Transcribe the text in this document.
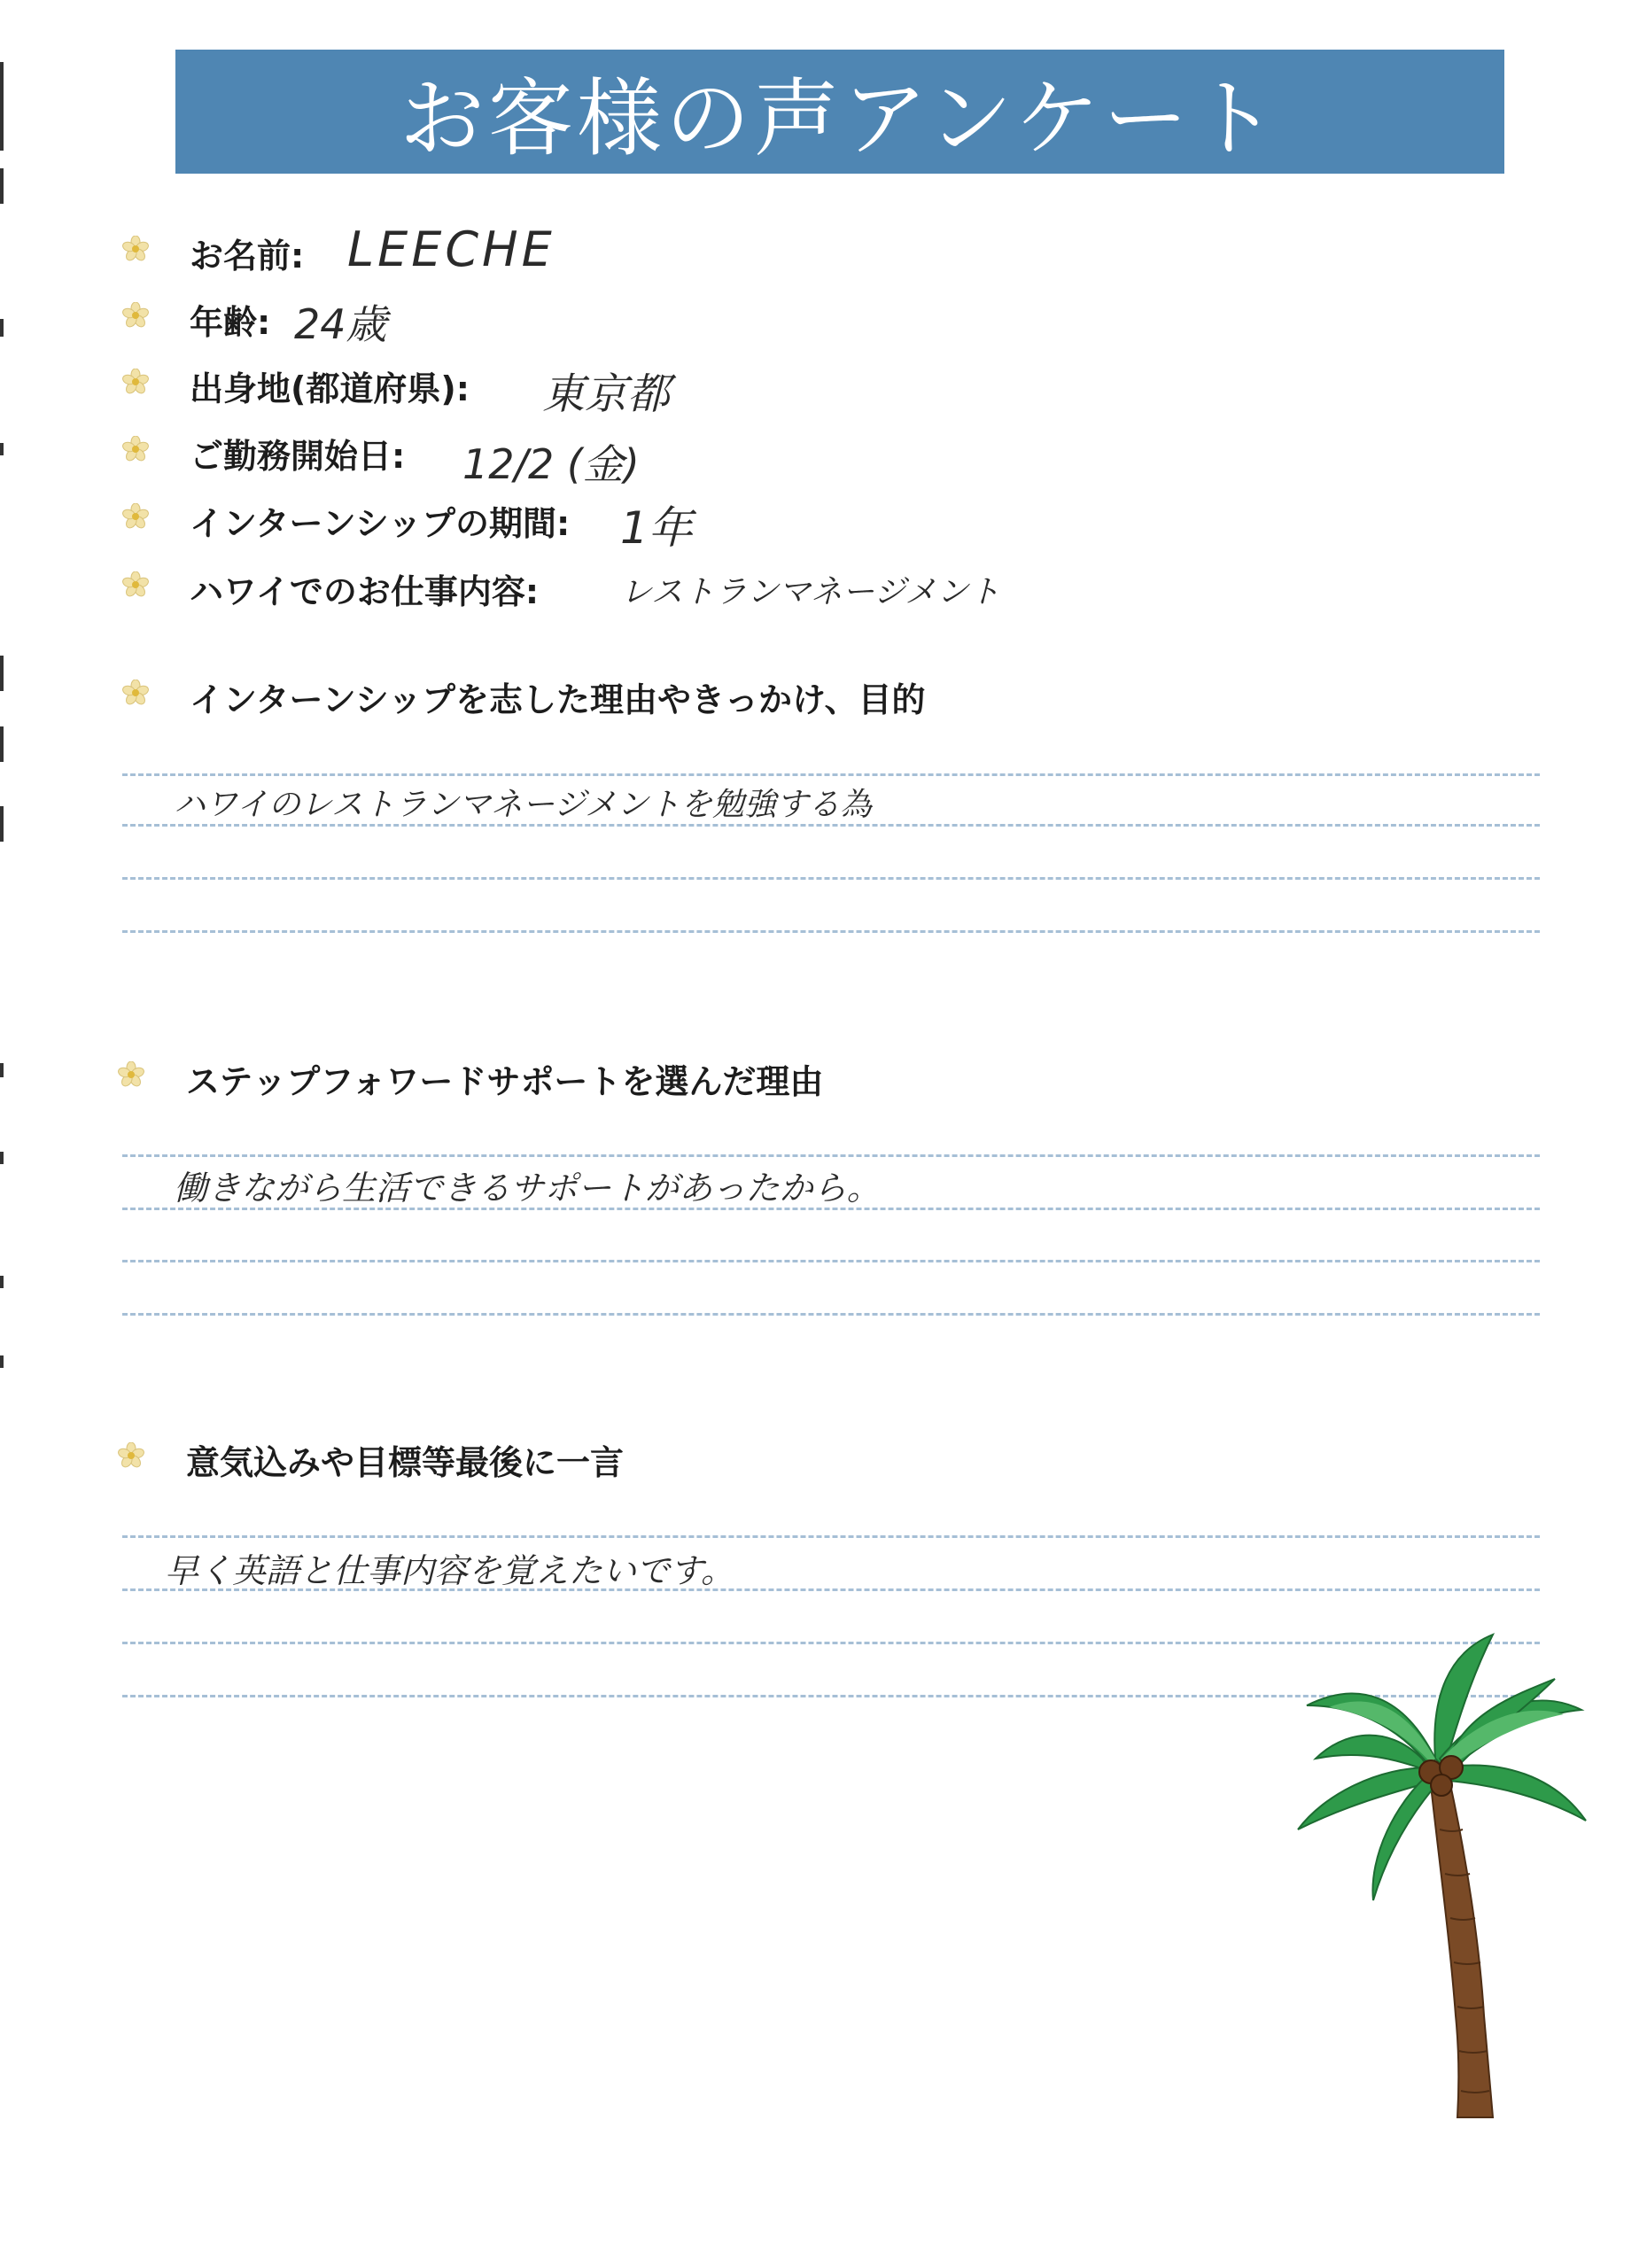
お客様の声アンケート
お名前: LEECHE
年齢: 24歳
出身地(都道府県): 東京都
ご勤務開始日: 12/2 (金)
インターンシップの期間: 1年
ハワイでのお仕事内容:	レストランマネージメント
インターンシップを志した理由やきっかけ、目的
ハワイのレストランマネージメントを勉強する為
ステップフォワードサポートを選んだ理由
働きながら生活できるサポートがあったから。
意気込みや目標等最後に一言
早く英語と仕事内容を覚えたいです。
